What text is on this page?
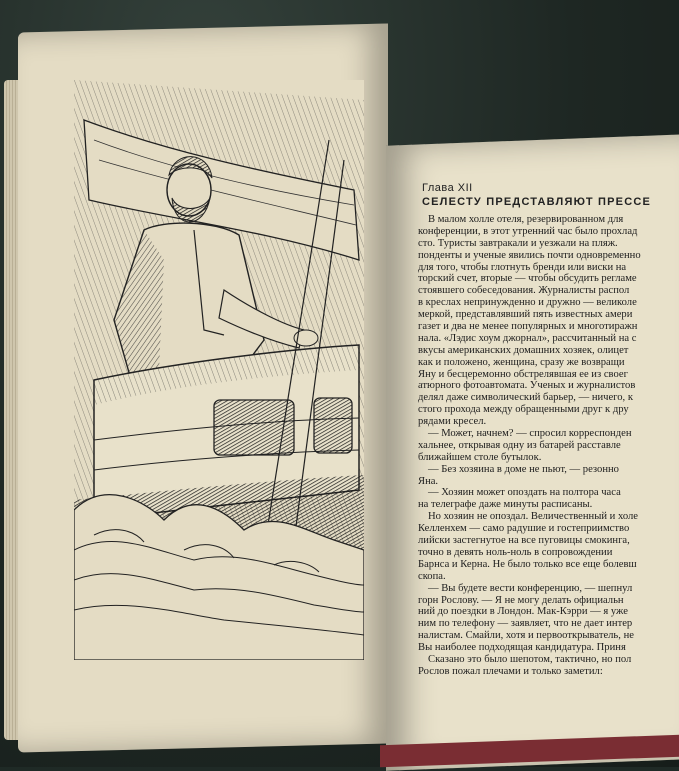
Глава XII
СЕЛЕСТУ ПРЕДСТАВЛЯЮТ ПРЕССЕ
В малом холле отеля, резервированном для
конференции, в этот утренний час было прохлад
сто. Туристы завтракали и уезжали на пляж.
понденты и ученые явились почти одновременно
для того, чтобы глотнуть бренди или виски на
торский счет, вторые — чтобы обсудить регламе
стоявшего собеседования. Журналисты распол
в креслах непринужденно и дружно — великоле
меркой, представлявший пять известных амери
газет и два не менее популярных и многотиражн
нала. «Лэдис хоум джорнал», рассчитанный на с
вкусы американских домашних хозяек, олицет
как и положено, женщина, сразу же возвращи
Яну и бесцеремонно обстрелявшая ее из своег
атюрного фотоавтомата. Ученых и журналистов
делял даже символический барьер, — ничего, к
стого прохода между обращенными друг к дру
рядами кресел.
— Может, начнем? — спросил корреспонден
хальнее, открывая одну из батарей расставле
ближайшем столе бутылок.
— Без хозяина в доме не пьют, — резонно
Яна.
— Хозяин может опоздать на полтора часа
на телеграфе даже минуты расписаны.
Но хозяин не опоздал. Величественный и холе
Келленхем — само радушие и гостеприимство
лийски застегнутое на все пуговицы смокинга,
точно в девять ноль-ноль в сопровождении
Барнса и Керна. Не было только все еще болевш
скопа.
— Вы будете вести конференцию, — шепнул
горн Рослову. — Я не могу делать официальн
ний до поездки в Лондон. Мак-Кэрри — я уже
ним по телефону — заявляет, что не дает интер
налистам. Смайли, хотя и первооткрыватель, не
Вы наиболее подходящая кандидатура. Приня
Сказано это было шепотом, тактично, но пол
Рослов пожал плечами и только заметил:
